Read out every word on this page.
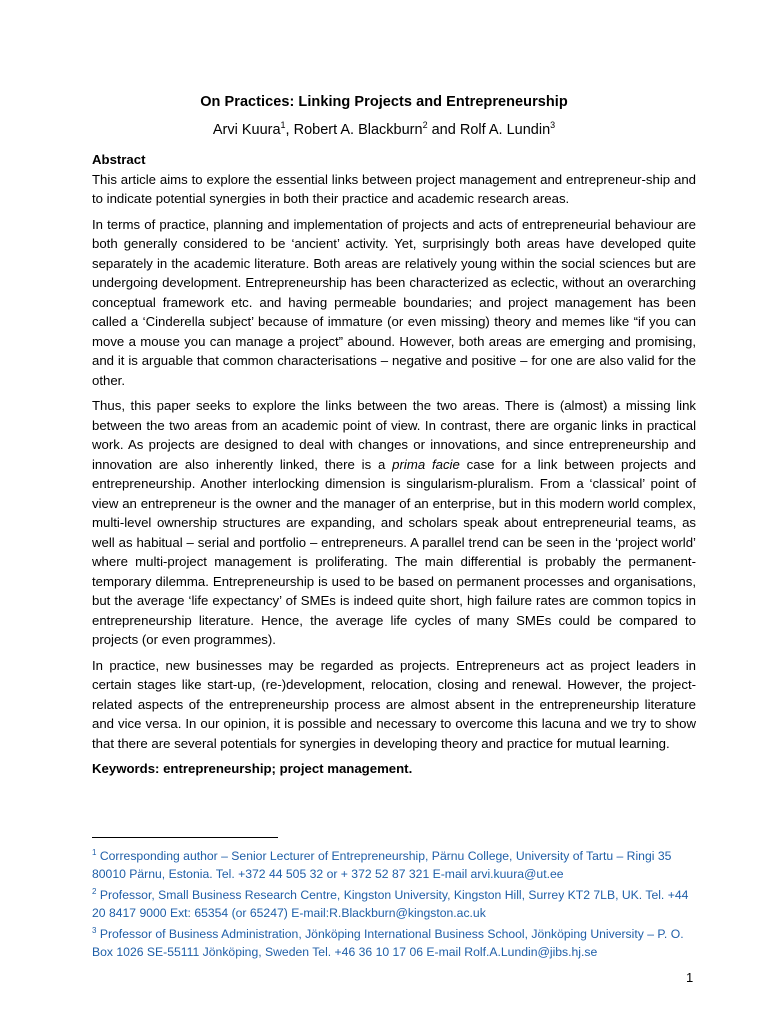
On Practices: Linking Projects and Entrepreneurship
Arvi Kuura$^1$, Robert A. Blackburn$^2$ and Rolf A. Lundin$^3$

Abstract

This article aims to explore the essential links between project management and entrepreneur-ship and to indicate potential synergies in both their practice and academic research areas.

In terms of practice, planning and implementation of projects and acts of entrepreneurial behaviour are both generally considered to be ‘ancient’ activity. Yet, surprisingly both areas have developed quite separately in the academic literature. Both areas are relatively young within the social sciences but are undergoing development. Entrepreneurship has been characterized as eclectic, without an overarching conceptual framework etc. and having permeable boundaries; and project management has been called a ‘Cinderella subject’ because of immature (or even missing) theory and memes like “if you can move a mouse you can manage a project” abound. However, both areas are emerging and promising, and it is arguable that common characterisations – negative and positive – for one are also valid for the other.

Thus, this paper seeks to explore the links between the two areas. There is (almost) a missing link between the two areas from an academic point of view. In contrast, there are organic links in practical work. As projects are designed to deal with changes or innovations, and since entrepreneurship and innovation are also inherently linked, there is a prima facie case for a link between projects and entrepreneurship. Another interlocking dimension is singularism-pluralism. From a ‘classical’ point of view an entrepreneur is the owner and the manager of an enterprise, but in this modern world complex, multi-level ownership structures are expanding, and scholars speak about entrepreneurial teams, as well as habitual – serial and portfolio – entrepreneurs. A parallel trend can be seen in the ‘project world’ where multi-project management is proliferating. The main differential is probably the permanent-temporary dilemma. Entrepreneurship is used to be based on permanent processes and organisations, but the average ‘life expectancy’ of SMEs is indeed quite short, high failure rates are common topics in entrepreneurship literature. Hence, the average life cycles of many SMEs could be compared to projects (or even programmes).

In practice, new businesses may be regarded as projects. Entrepreneurs act as project leaders in certain stages like start-up, (re-)development, relocation, closing and renewal. However, the project-related aspects of the entrepreneurship process are almost absent in the entrepreneurship literature and vice versa. In our opinion, it is possible and necessary to overcome this lacuna and we try to show that there are several potentials for synergies in developing theory and practice for mutual learning.

Keywords: entrepreneurship; project management.

$^1$ Corresponding author – Senior Lecturer of Entrepreneurship, Pärnu College, University of Tartu – Ringi 35 80010 Pärnu, Estonia. Tel. +372 44 505 32 or + 372 52 87 321 E-mail arvi.kuura@ut.ee

$^2$ Professor, Small Business Research Centre, Kingston University, Kingston Hill, Surrey KT2 7LB, UK. Tel. +44 20 8417 9000 Ext: 65354 (or 65247) E-mail:R.Blackburn@kingston.ac.uk

$^3$ Professor of Business Administration, Jönköping International Business School, Jönköping University – P. O. Box 1026 SE-55111 Jönköping, Sweden Tel. +46 36 10 17 06 E-mail Rolf.A.Lundin@jibs.hj.se

1
